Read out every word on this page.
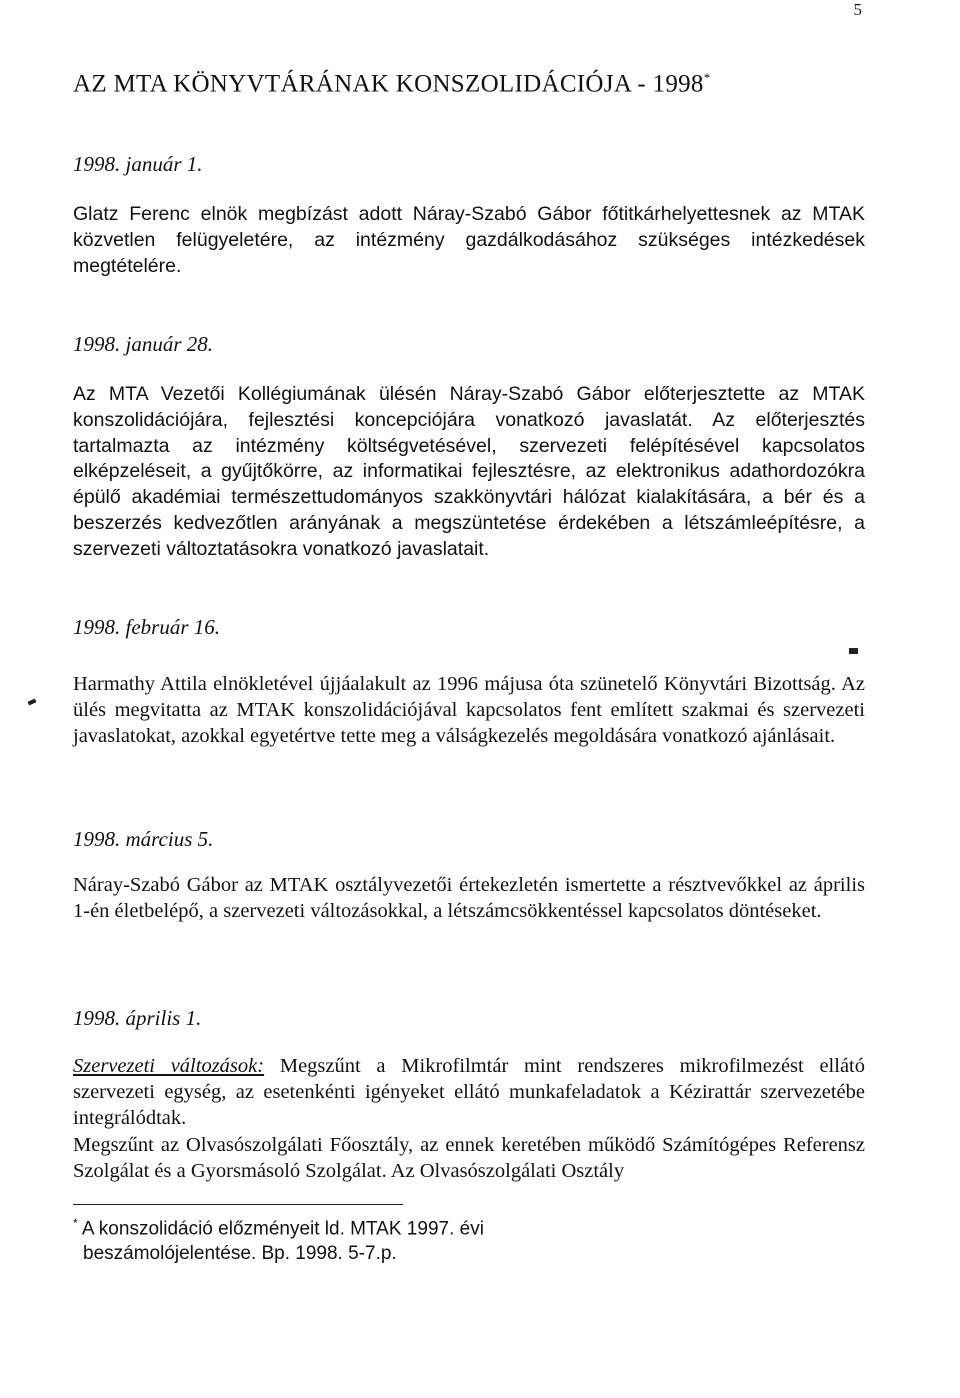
5
AZ MTA KÖNYVTÁRÁNAK KONSZOLIDÁCIÓJA - 1998*
1998. január 1.

Glatz Ferenc elnök megbízást adott Náray-Szabó Gábor főtitkárhelyettesnek az MTAK közvetlen felügyeletére, az intézmény gazdálkodásához szükséges intézkedések megtételére.

1998. január 28.

Az MTA Vezetői Kollégiumának ülésén Náray-Szabó Gábor előterjesztette az MTAK konszolidációjára, fejlesztési koncepciójára vonatkozó javaslatát. Az előterjesztés tartalmazta az intézmény költségvetésével, szervezeti felépítésével kapcsolatos elképzeléseit, a gyűjtőkörre, az informatikai fejlesztésre, az elektronikus adathordozókra épülő akadémiai természettudományos szakkönyvtári hálózat kialakítására, a bér és a beszerzés kedvezőtlen arányának a megszüntetése érdekében a létszámleépítésre, a szervezeti változtatásokra vonatkozó javaslatait.

1998. február 16.

Harmathy Attila elnökletével újjáalakult az 1996 májusa óta szünetelő Könyvtári Bizottság. Az ülés megvitatta az MTAK konszolidációjával kapcsolatos fent említett szakmai és szervezeti javaslatokat, azokkal egyetértve tette meg a válságkezelés megoldására vonatkozó ajánlásait.

1998. március 5.

Náray-Szabó Gábor az MTAK osztályvezetői értekezletén ismertette a résztvevőkkel az április 1-én életbelépő, a szervezeti változásokkal, a létszámcsökkentéssel kapcsolatos döntéseket.

1998. április 1.

Szervezeti változások: Megszűnt a Mikrofilmtár mint rendszeres mikrofilmezést ellátó szervezeti egység, az esetenkénti igényeket ellátó munkafeladatok a Kézirattár szervezetébe integrálódtak.

Megszűnt az Olvasószolgálati Főosztály, az ennek keretében működő Számítógépes Referensz Szolgálat és a Gyorsmásoló Szolgálat. Az Olvasószolgálati Osztály

* A konszolidáció előzményeit ld. MTAK 1997. évi
beszámolójelentése. Bp. 1998. 5-7.p.
